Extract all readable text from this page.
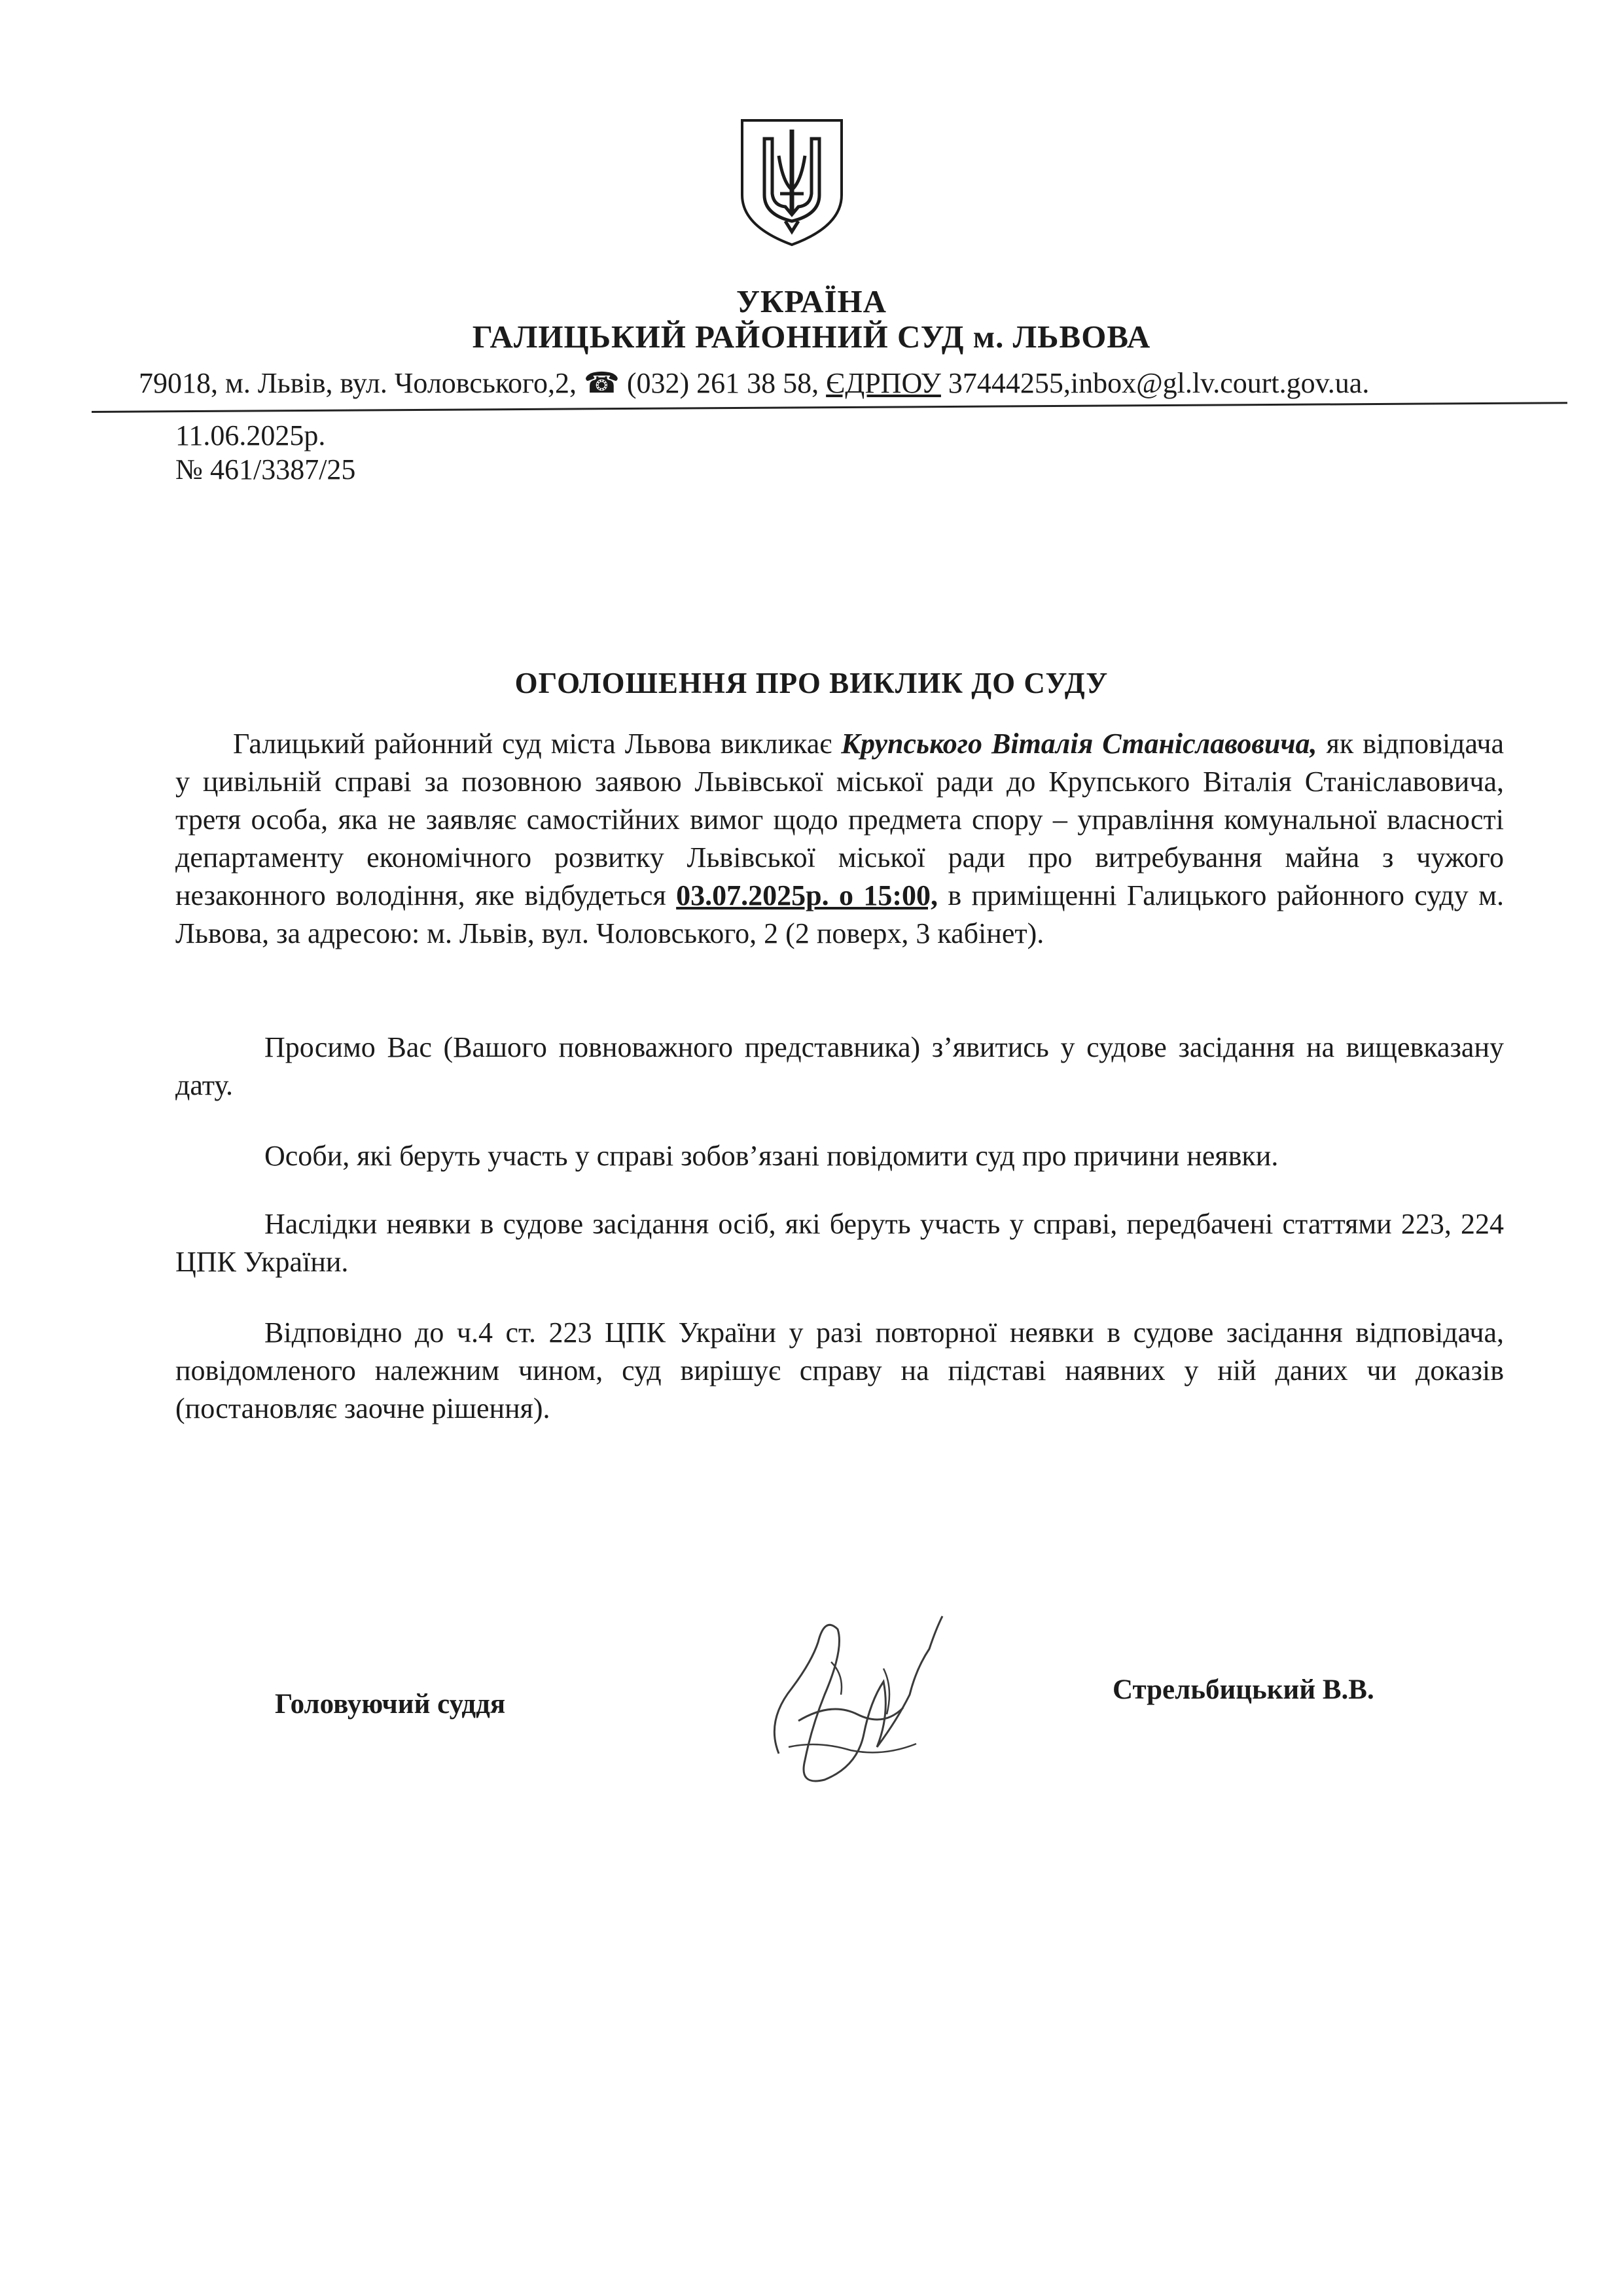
УКРАЇНА
ГАЛИЦЬКИЙ РАЙОННИЙ СУД м. ЛЬВОВА
79018, м. Львів, вул. Чоловського,2, ☎ (032) 261 38 58, ЄДРПОУ 37444255,inbox@gl.lv.court.gov.ua.
11.06.2025р.
№ 461/3387/25
ОГОЛОШЕННЯ ПРО ВИКЛИК ДО СУДУ
Галицький районний суд міста Львова викликає Крупського Віталія Станіславовича, як відповідача у цивільній справі за позовною заявою Львівської міської ради до Крупського Віталія Станіславовича, третя особа, яка не заявляє самостійних вимог щодо предмета спору – управління комунальної власності департаменту економічного розвитку Львівської міської ради про витребування майна з чужого незаконного володіння, яке відбудеться 03.07.2025р. о 15:00, в приміщенні Галицького районного суду м. Львова, за адресою: м. Львів, вул. Чоловського, 2 (2 поверх, 3 кабінет).
Просимо Вас (Вашого повноважного представника) з’явитись у судове засідання на вищевказану дату.
Особи, які беруть участь у справі зобов’язані повідомити суд про причини неявки.
Наслідки неявки в судове засідання осіб, які беруть участь у справі, передбачені статтями 223, 224 ЦПК України.
Відповідно до ч.4 ст. 223 ЦПК України у разі повторної неявки в судове засідання відповідача, повідомленого належним чином, суд вирішує справу на підставі наявних у ній даних чи доказів (постановляє заочне рішення).
Головуючий суддя	Стрельбицький В.В.
